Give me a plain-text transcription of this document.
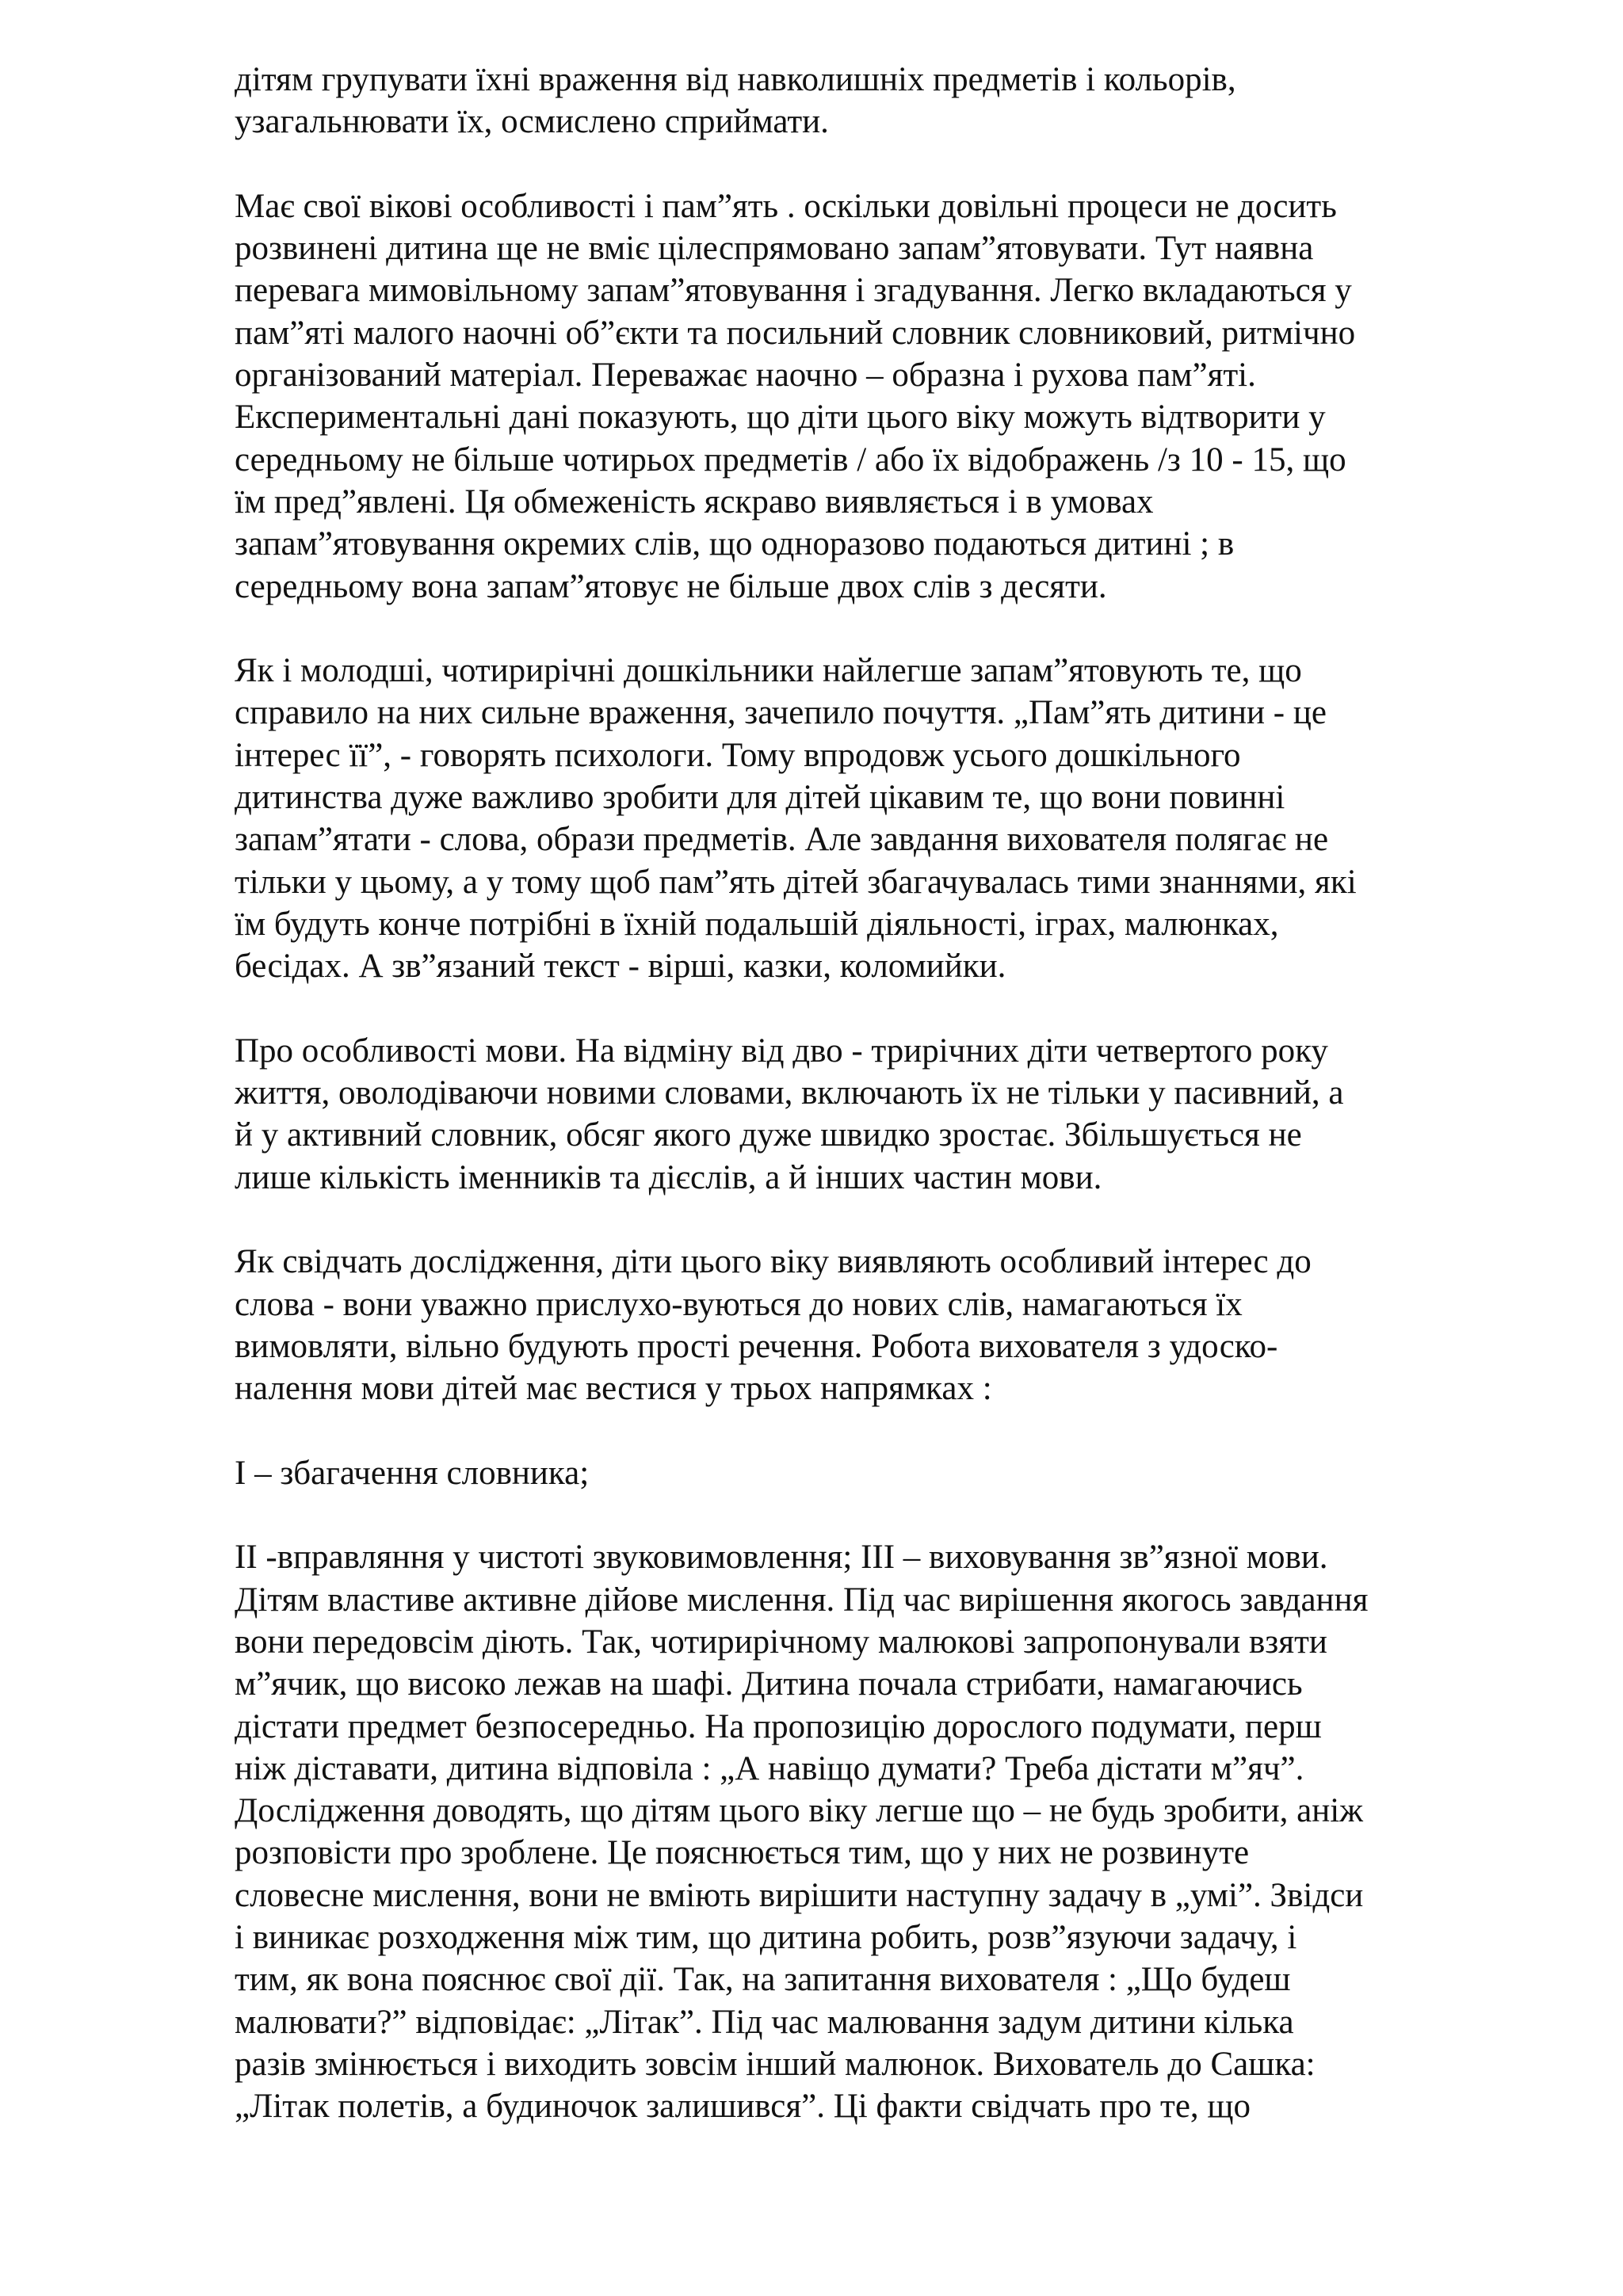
дітям групувати їхні враження від навколишніх предметів і кольорів,
узагальнювати їх, осмислено сприймати.

Має свої вікові особливості і пам”ять . оскільки довільні процеси не досить
розвинені дитина ще не вміє цілеспрямовано запам”ятовувати. Тут наявна
перевага мимовільному запам”ятовування і згадування. Легко вкладаються у
пам”яті малого наочні об”єкти та посильний словник словниковий, ритмічно
організований матеріал. Переважає наочно – образна і рухова пам”яті.
Експериментальні дані показують, що діти цього віку можуть відтворити у
середньому не більше чотирьох предметів / або їх відображень /з 10 - 15, що
їм пред”явлені. Ця обмеженість яскраво виявляється і в умовах
запам”ятовування окремих слів, що одноразово подаються дитині ; в
середньому вона запам”ятовує не більше двох слів з десяти.

Як і молодші, чотирирічні дошкільники найлегше запам”ятовують те, що
справило на них сильне враження, зачепило почуття. „Пам”ять дитини - це
інтерес її”, - говорять психологи. Тому впродовж усього дошкільного
дитинства дуже важливо зробити для дітей цікавим те, що вони повинні
запам”ятати - слова, образи предметів. Але завдання вихователя полягає не
тільки у цьому, а у тому щоб пам”ять дітей збагачувалась тими знаннями, які
їм будуть конче потрібні в їхній подальшій діяльності, іграх, малюнках,
бесідах. А зв”язаний текст - вірші, казки, коломийки.

Про особливості мови. На відміну від дво - трирічних діти четвертого року
життя, оволодіваючи новими словами, включають їх не тільки у пасивний, а
й у активний словник, обсяг якого дуже швидко зростає. Збільшується не
лише кількість іменників та дієслів, а й інших частин мови.

Як свідчать дослідження, діти цього віку виявляють особливий інтерес до
слова - вони уважно прислухо-вуються до нових слів, намагаються їх
вимовляти, вільно будують прості речення. Робота вихователя з удоско-
налення мови дітей має вестися у трьох напрямках :

І – збагачення словника;

ІІ -вправляння у чистоті звуковимовлення; ІІІ – виховування зв”язної мови.
Дітям властиве активне дійове мислення. Під час вирішення якогось завдання
вони передовсім діють. Так, чотирирічному малюкові запропонували взяти
м”ячик, що високо лежав на шафі. Дитина почала стрибати, намагаючись
дістати предмет безпосередньо. На пропозицію дорослого подумати, перш
ніж діставати, дитина відповіла : „А навіщо думати? Треба дістати м”яч”.
Дослідження доводять, що дітям цього віку легше що – не будь зробити, аніж
розповісти про зроблене. Це пояснюється тим, що у них не розвинуте
словесне мислення, вони не вміють вирішити наступну задачу в „умі”. Звідси
і виникає розходження між тим, що дитина робить, розв”язуючи задачу, і
тим, як вона пояснює свої дії. Так, на запитання вихователя : „Що будеш
малювати?” відповідає: „Літак”. Під час малювання задум дитини кілька
разів змінюється і виходить зовсім інший малюнок. Вихователь до Сашка:
„Літак полетів, а будиночок залишився”. Ці факти свідчать про те, що
